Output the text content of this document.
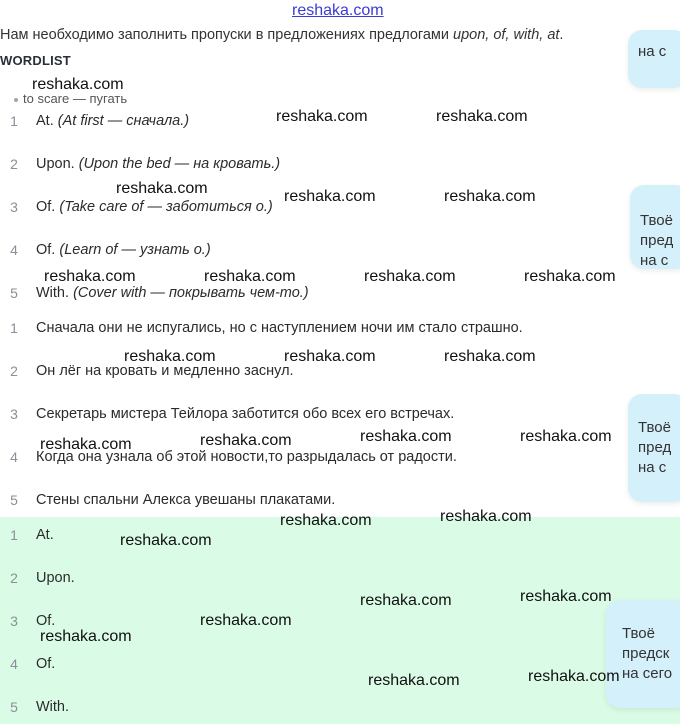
reshaka.com
Нам необходимо заполнить пропуски в предложениях предлогами upon, of, with, at.
WORDLIST
to scare — пугать
1	At. (At first — сначала.)
2	Upon. (Upon the bed — на кровать.)
3	Of. (Take care of — заботиться о.)
4	Of. (Learn of — узнать о.)
5	With. (Cover with — покрывать чем-то.)
1	Сначала они не испугались, но с наступлением ночи им стало страшно.
2	Он лёг на кровать и медленно заснул.
3	Секретарь мистера Тейлора заботится обо всех его встречах.
4	Когда она узнала об этой новости,то разрыдалась от радости.
5	Стены спальни Алекса увешаны плакатами.
1	At.
2	Upon.
3	Of.
4	Of.
5	With.
на с
Твоё
пред
на с
Твоё
пред
на с
Твоё
предск
на сего
reshaka.com
reshaka.com	reshaka.com
reshaka.com	reshaka.com	reshaka.com
reshaka.com	reshaka.com	reshaka.com	reshaka.com
reshaka.com	reshaka.com	reshaka.com
reshaka.com	reshaka.com	reshaka.com	reshaka.com
reshaka.com	reshaka.com
reshaka.com
reshaka.com	reshaka.com
reshaka.com
reshaka.com
reshaka.com	reshaka.com
